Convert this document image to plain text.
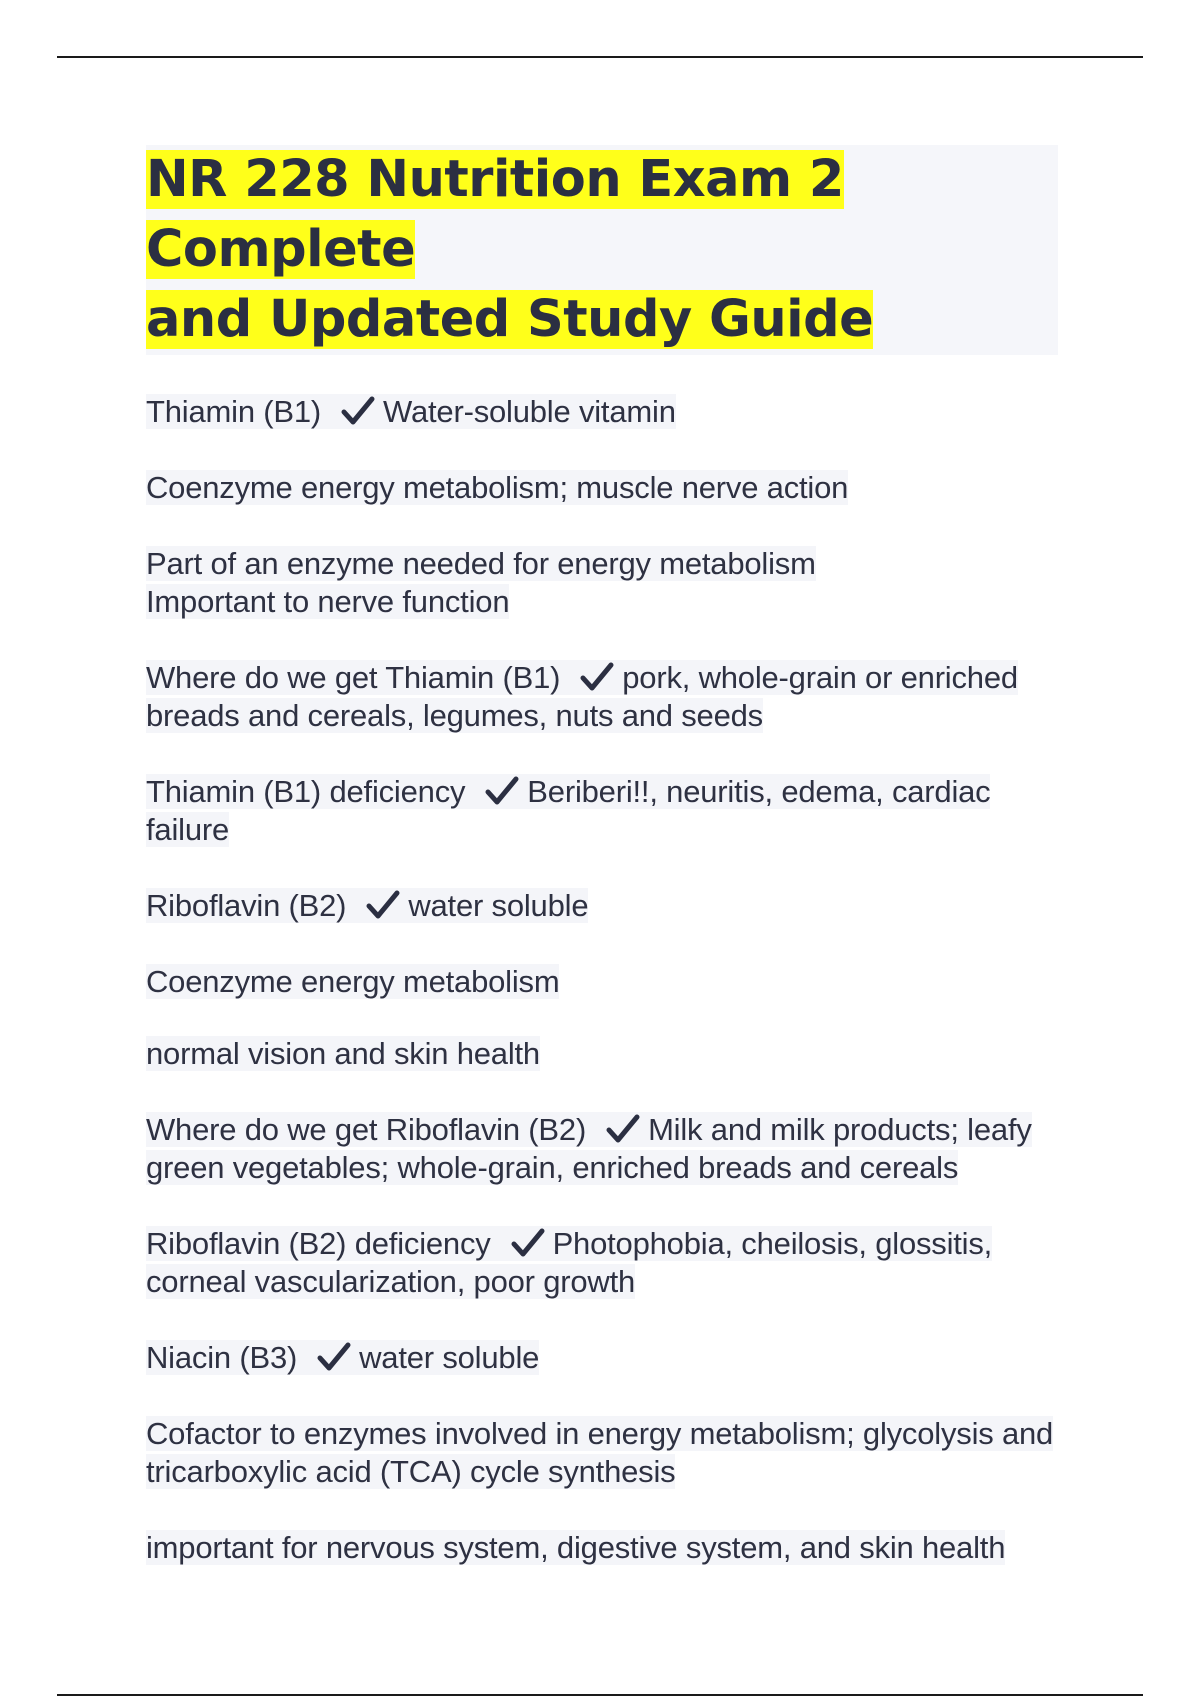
NR 228 Nutrition Exam 2 Complete
and Updated Study Guide
Thiamin (B1) Water-soluble vitamin
Coenzyme energy metabolism; muscle nerve action
Part of an enzyme needed for energy metabolism
Important to nerve function
Where do we get Thiamin (B1) pork, whole-grain or enriched breads and cereals, legumes, nuts and seeds
Thiamin (B1) deficiency Beriberi!!, neuritis, edema, cardiac failure
Riboflavin (B2) water soluble
Coenzyme energy metabolism
normal vision and skin health
Where do we get Riboflavin (B2) Milk and milk products; leafy green vegetables; whole-grain, enriched breads and cereals
Riboflavin (B2) deficiency Photophobia, cheilosis, glossitis, corneal vascularization, poor growth
Niacin (B3) water soluble
Cofactor to enzymes involved in energy metabolism; glycolysis and tricarboxylic acid (TCA) cycle synthesis
important for nervous system, digestive system, and skin health
